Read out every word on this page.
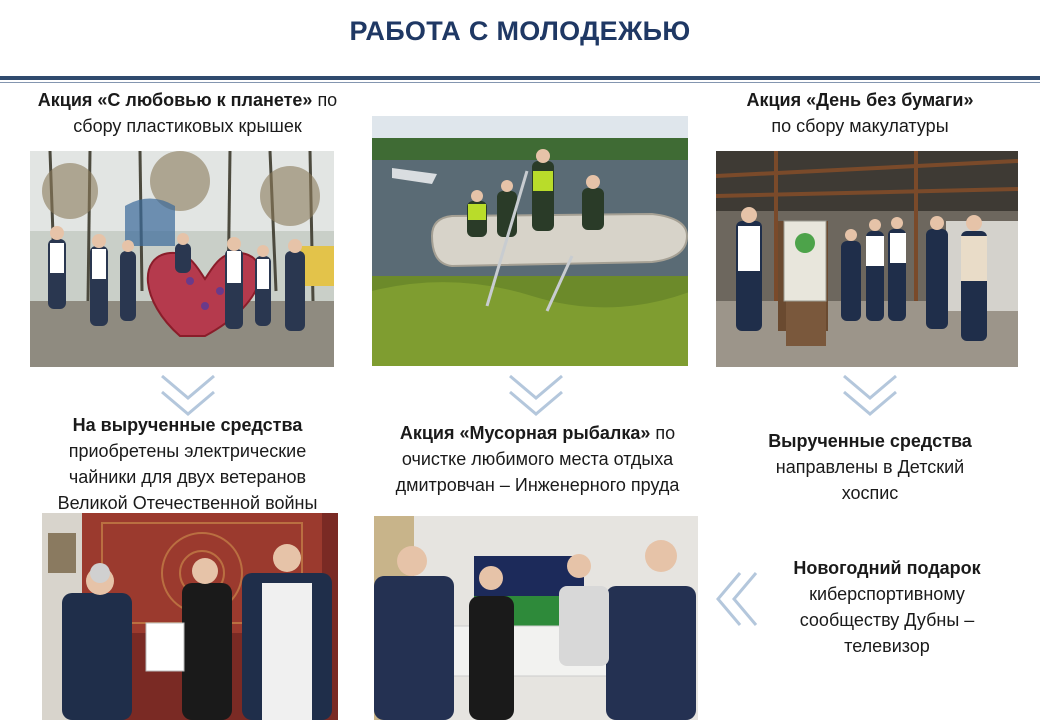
РАБОТА С МОЛОДЕЖЬЮ
Акция «С любовью к планете» по
сбору пластиковых крышек
Акция «День без бумаги»
по сбору макулатуры
На вырученные средства
приобретены электрические
чайники для двух ветеранов
Великой Отечественной войны
Акция «Мусорная рыбалка» по
очистке любимого места отдыха
дмитровчан – Инженерного пруда
Вырученные средства
направлены в Детский
хоспис
Новогодний подарок
киберспортивному
сообществу Дубны –
телевизор
